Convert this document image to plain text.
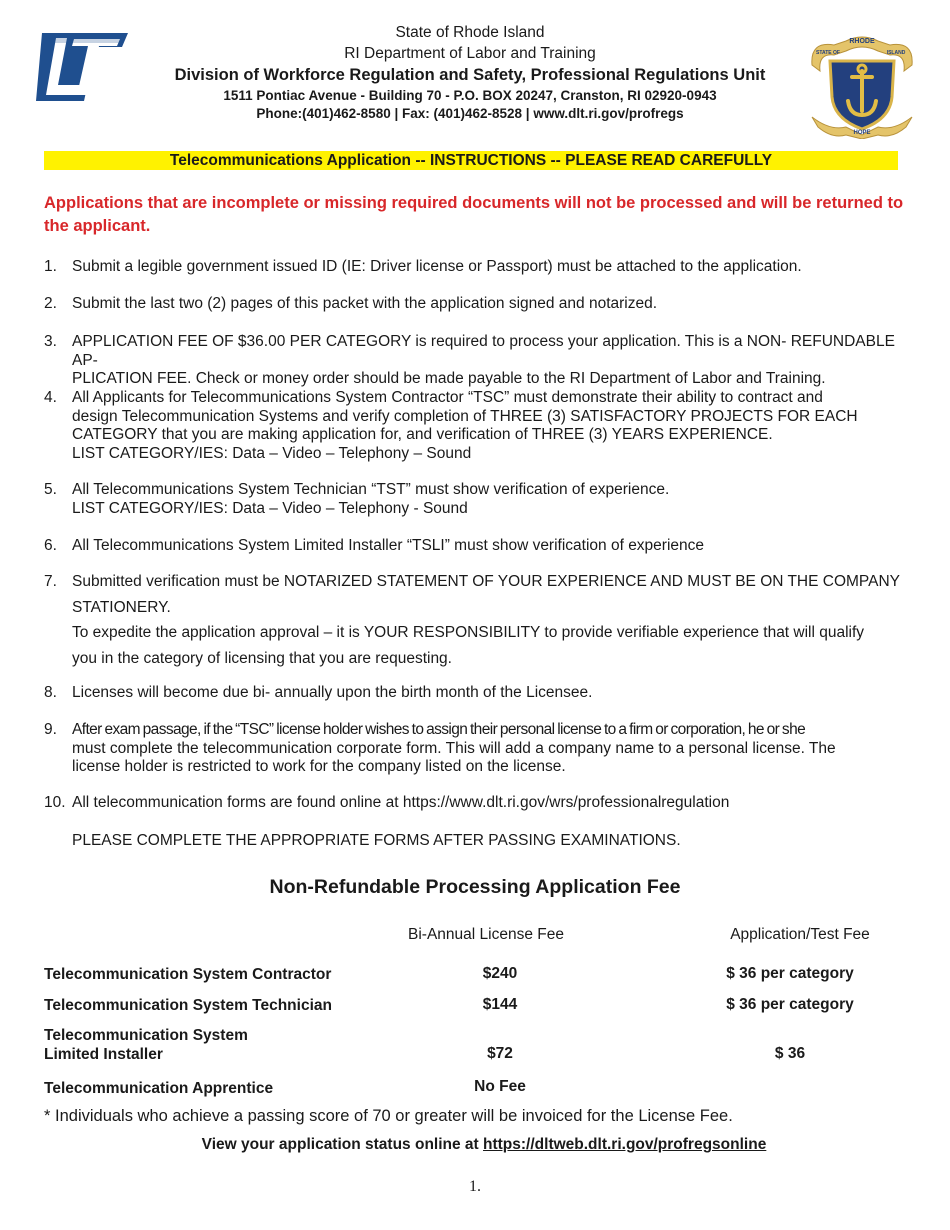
State of Rhode Island
RI Department of Labor and Training
Division of Workforce Regulation and Safety, Professional Regulations Unit
1511 Pontiac Avenue - Building 70 - P.O. BOX 20247, Cranston, RI 02920-0943
Phone:(401)462-8580 | Fax: (401)462-8528 | www.dlt.ri.gov/profregs
RHODE
STATE OF	ISLAND
HOPE
Telecommunications Application -- INSTRUCTIONS -- PLEASE READ CAREFULLY
Applications that are incomplete or missing required documents will not be processed and will be returned to the applicant.
1. Submit a legible government issued ID (IE: Driver license or Passport) must be attached to the application.
2. Submit the last two (2) pages of this packet with the application signed and notarized.
3. APPLICATION FEE OF $36.00 PER CATEGORY is required to process your application. This is a NON- REFUNDABLE AP-
PLICATION FEE. Check or money order should be made payable to the RI Department of Labor and Training.
4. All Applicants for Telecommunications System Contractor “TSC” must demonstrate their ability to contract and
design Telecommunication Systems and verify completion of THREE (3) SATISFACTORY PROJECTS FOR EACH
CATEGORY that you are making application for, and verification of THREE (3) YEARS EXPERIENCE.
LIST CATEGORY/IES: Data – Video – Telephony – Sound
5. All Telecommunications System Technician “TST” must show verification of experience.
LIST CATEGORY/IES: Data – Video – Telephony - Sound
6. All Telecommunications System Limited Installer “TSLI” must show verification of experience
7. Submitted verification must be NOTARIZED STATEMENT OF YOUR EXPERIENCE AND MUST BE ON THE COMPANY
STATIONERY.
To expedite the application approval – it is YOUR RESPONSIBILITY to provide verifiable experience that will qualify
you in the category of licensing that you are requesting.
8. Licenses will become due bi- annually upon the birth month of the Licensee.
9. After exam passage, if the “TSC” license holder wishes to assign their personal license to a firm or corporation, he or she
must complete the telecommunication corporate form. This will add a company name to a personal license. The
license holder is restricted to work for the company listed on the license.
10. All telecommunication forms are found online at https://www.dlt.ri.gov/wrs/professionalregulation
PLEASE COMPLETE THE APPROPRIATE FORMS AFTER PASSING EXAMINATIONS.
Non-Refundable Processing Application Fee
Bi-Annual License Fee	Application/Test Fee
Telecommunication System Contractor	$240	$ 36 per category
Telecommunication System Technician	$144	$ 36 per category
Telecommunication System
Limited Installer	$72	$ 36
Telecommunication Apprentice	No Fee
* Individuals who achieve a passing score of 70 or greater will be invoiced for the License Fee.
View your application status online at https://dltweb.dlt.ri.gov/profregsonline
1.
